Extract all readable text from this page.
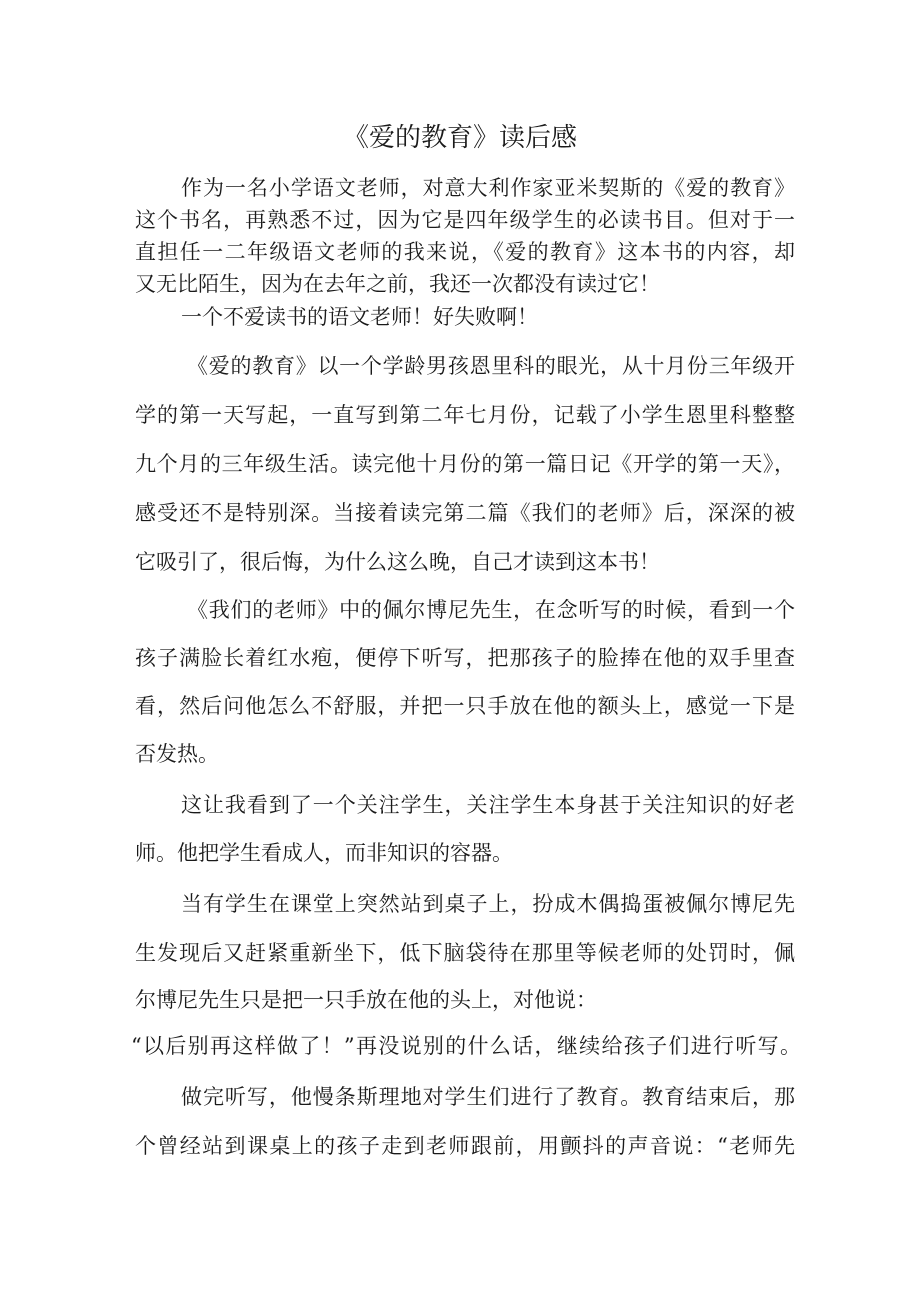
《爱的教育》读后感
作为一名小学语文老师，对意大利作家亚米契斯的《爱的教育》
这个书名，再熟悉不过，因为它是四年级学生的必读书目。但对于一
直担任一二年级语文老师的我来说，《爱的教育》这本书的内容，却
又无比陌生，因为在去年之前，我还一次都没有读过它！
一个不爱读书的语文老师！好失败啊！
《爱的教育》以一个学龄男孩恩里科的眼光，从十月份三年级开
学的第一天写起，一直写到第二年七月份，记载了小学生恩里科整整
九个月的三年级生活。读完他十月份的第一篇日记《开学的第一天》，
感受还不是特别深。当接着读完第二篇《我们的老师》后，深深的被
它吸引了，很后悔，为什么这么晚，自己才读到这本书！
《我们的老师》中的佩尔博尼先生，在念听写的时候，看到一个
孩子满脸长着红水疱，便停下听写，把那孩子的脸捧在他的双手里查
看，然后问他怎么不舒服，并把一只手放在他的额头上，感觉一下是
否发热。
这让我看到了一个关注学生，关注学生本身甚于关注知识的好老
师。他把学生看成人，而非知识的容器。
当有学生在课堂上突然站到桌子上，扮成木偶捣蛋被佩尔博尼先
生发现后又赶紧重新坐下，低下脑袋待在那里等候老师的处罚时，佩
尔博尼先生只是把一只手放在他的头上，对他说：
“以后别再这样做了！”再没说别的什么话，继续给孩子们进行听写。
做完听写，他慢条斯理地对学生们进行了教育。教育结束后，那
个曾经站到课桌上的孩子走到老师跟前，用颤抖的声音说：“老师先
